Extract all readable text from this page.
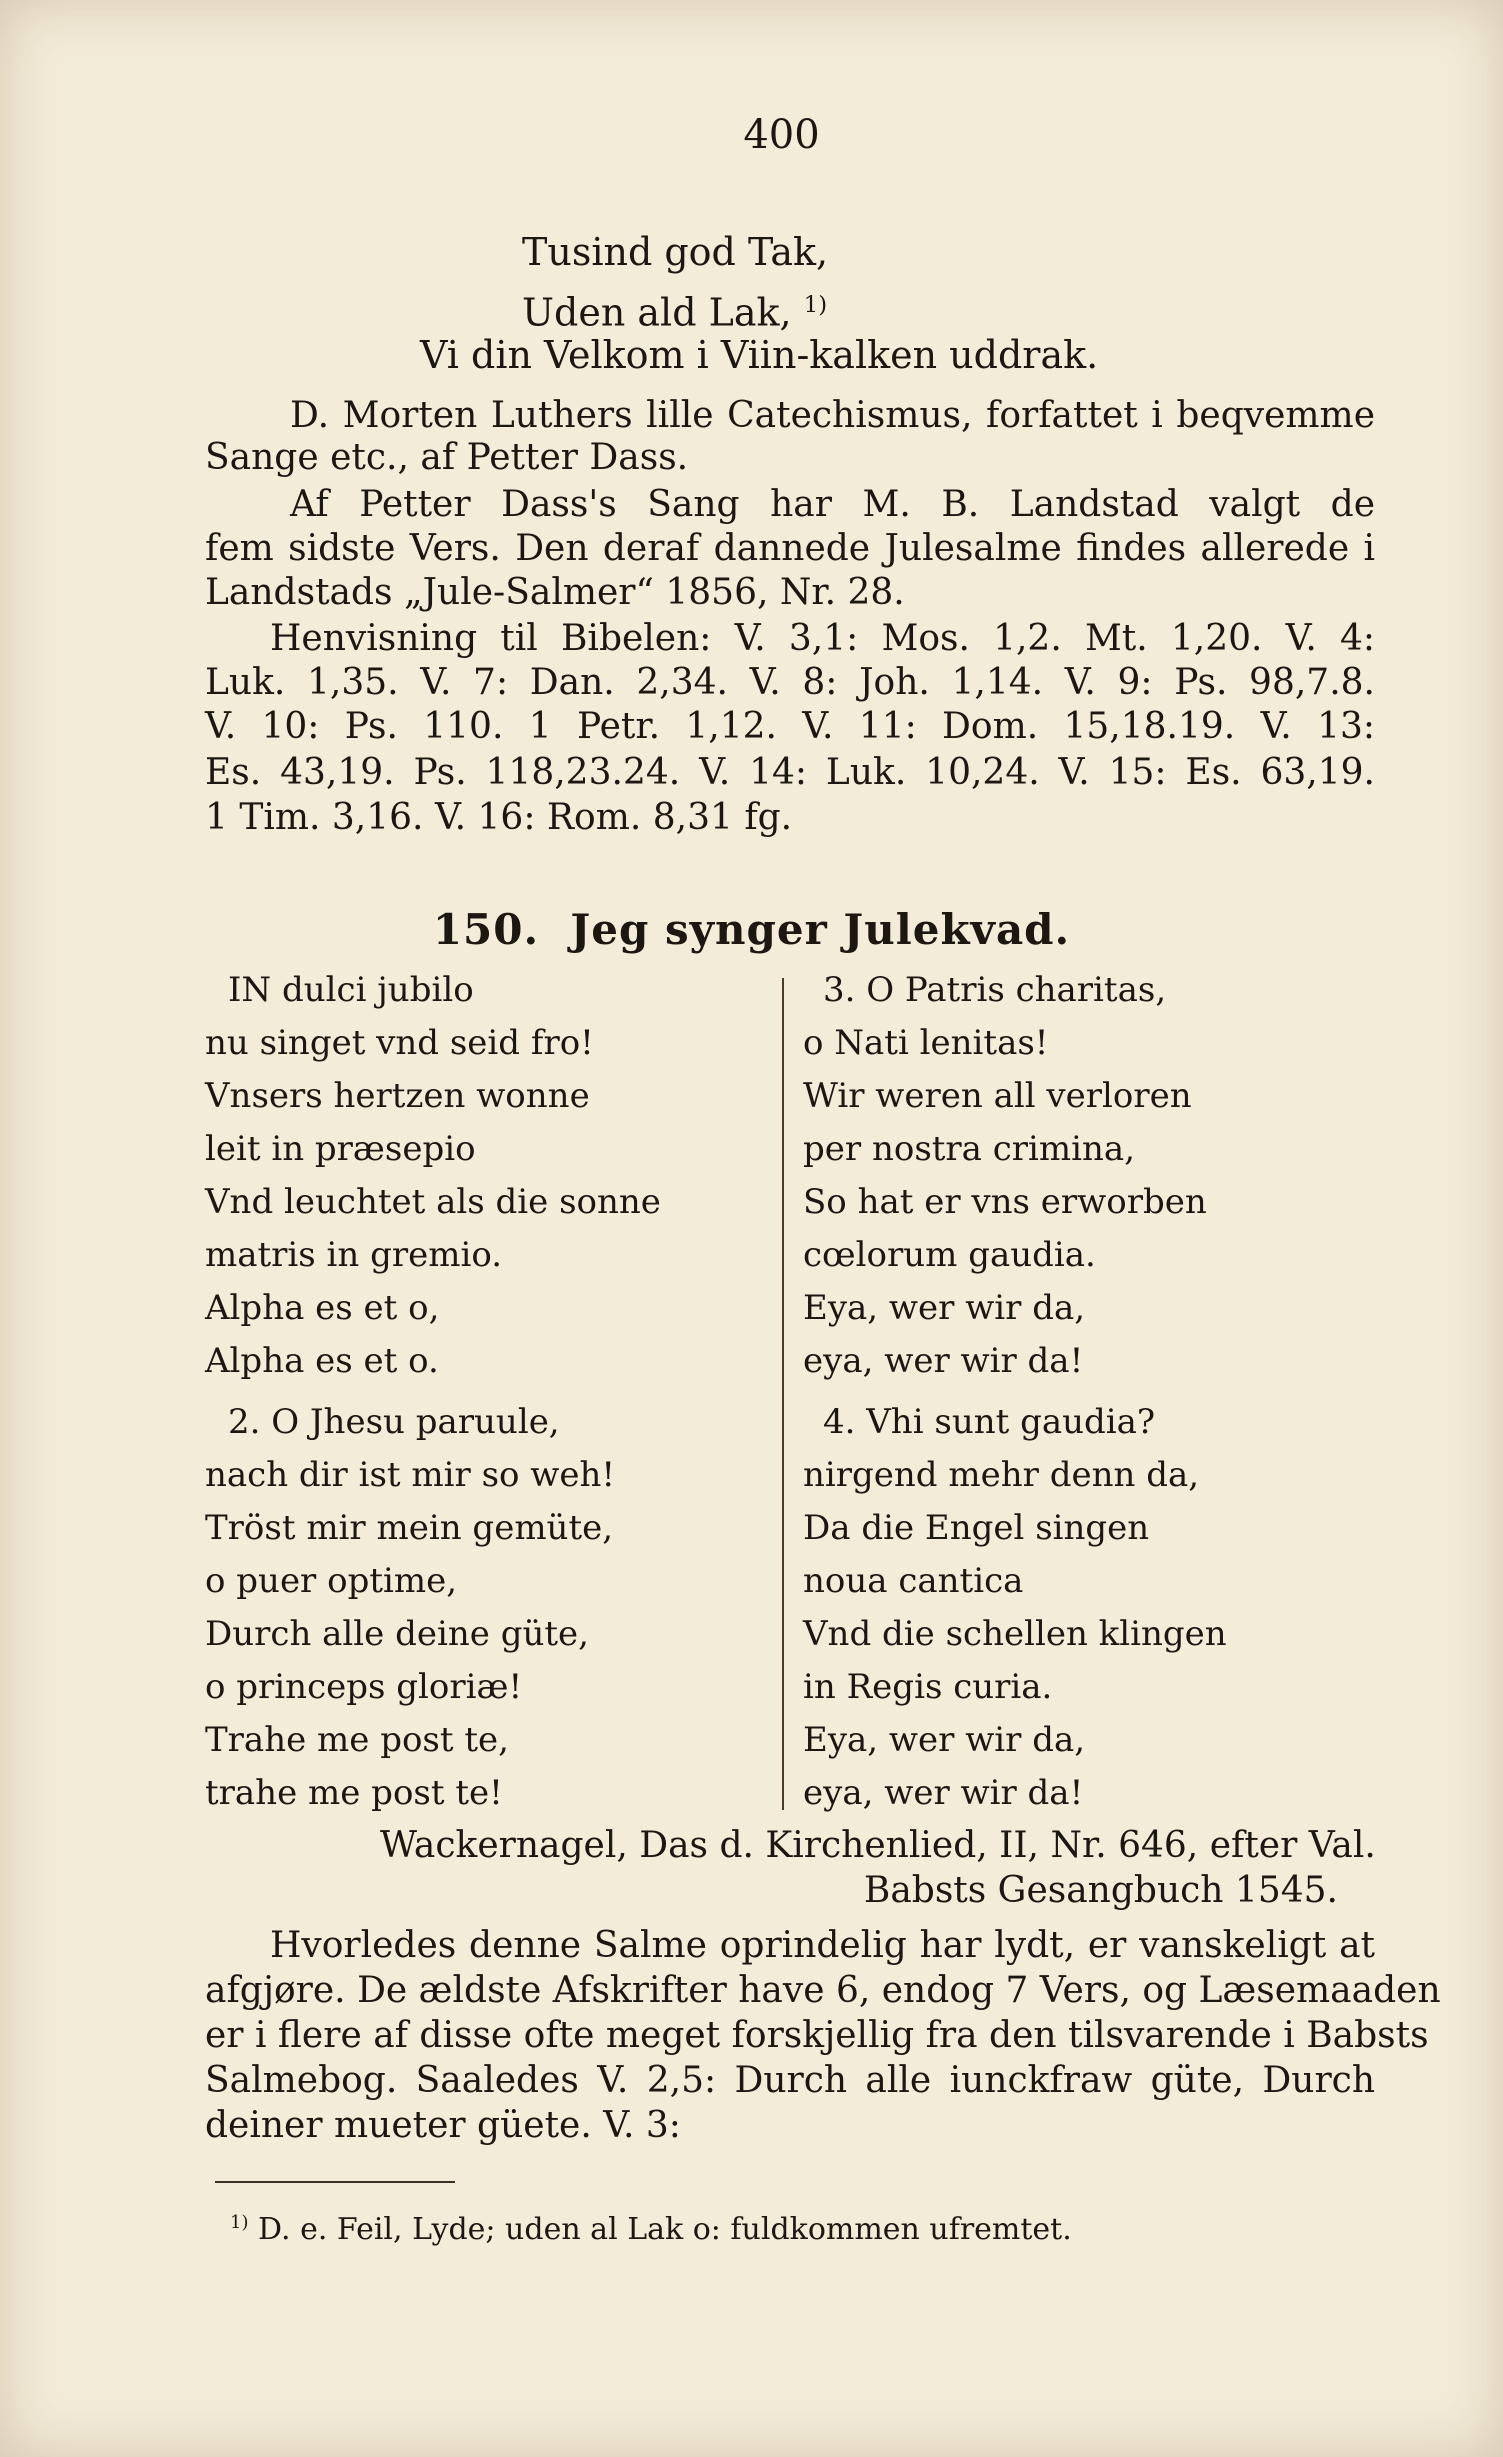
400
Tusind god Tak,
Uden ald Lak, $^{1)}$
Vi din Velkom i Viin-kalken uddrak.
D. Morten Luthers lille Catechismus, forfattet i beqvemme
Sange etc., af Petter Dass.
Af Petter Dass's Sang har M. B. Landstad valgt de
fem sidste Vers. Den deraf dannede Julesalme findes allerede i
Landstads „Jule-Salmer“ 1856, Nr. 28.
Henvisning til Bibelen: V. 3,1: Mos. 1,2. Mt. 1,20. V. 4:
Luk. 1,35. V. 7: Dan. 2,34. V. 8: Joh. 1,14. V. 9: Ps. 98,7.8.
V. 10: Ps. 110. 1 Petr. 1,12. V. 11: Dom. 15,18.19. V. 13:
Es. 43,19. Ps. 118,23.24. V. 14: Luk. 10,24. V. 15: Es. 63,19.
1 Tim. 3,16. V. 16: Rom. 8,31 fg.
150. Jeg synger Julekvad.
IN dulci jubilo
nu singet vnd seid fro!
Vnsers hertzen wonne
leit in præsepio
Vnd leuchtet als die sonne
matris in gremio.
Alpha es et o,
Alpha es et o.
2. O Jhesu paruule,
nach dir ist mir so weh!
Tröst mir mein gemüte,
o puer optime,
Durch alle deine güte,
o princeps gloriæ!
Trahe me post te,
trahe me post te!
3. O Patris charitas,
o Nati lenitas!
Wir weren all verloren
per nostra crimina,
So hat er vns erworben
cœlorum gaudia.
Eya, wer wir da,
eya, wer wir da!
4. Vhi sunt gaudia?
nirgend mehr denn da,
Da die Engel singen
noua cantica
Vnd die schellen klingen
in Regis curia.
Eya, wer wir da,
eya, wer wir da!
Wackernagel, Das d. Kirchenlied, II, Nr. 646, efter Val.
Babsts Gesangbuch 1545.
Hvorledes denne Salme oprindelig har lydt, er vanskeligt at
afgjøre. De ældste Afskrifter have 6, endog 7 Vers, og Læsemaaden
er i flere af disse ofte meget forskjellig fra den tilsvarende i Babsts
Salmebog. Saaledes V. 2,5: Durch alle iunckfraw güte, Durch
deiner mueter güete. V. 3:
$^{1)}$ D. e. Feil, Lyde; uden al Lak o: fuldkommen ufremtet.
